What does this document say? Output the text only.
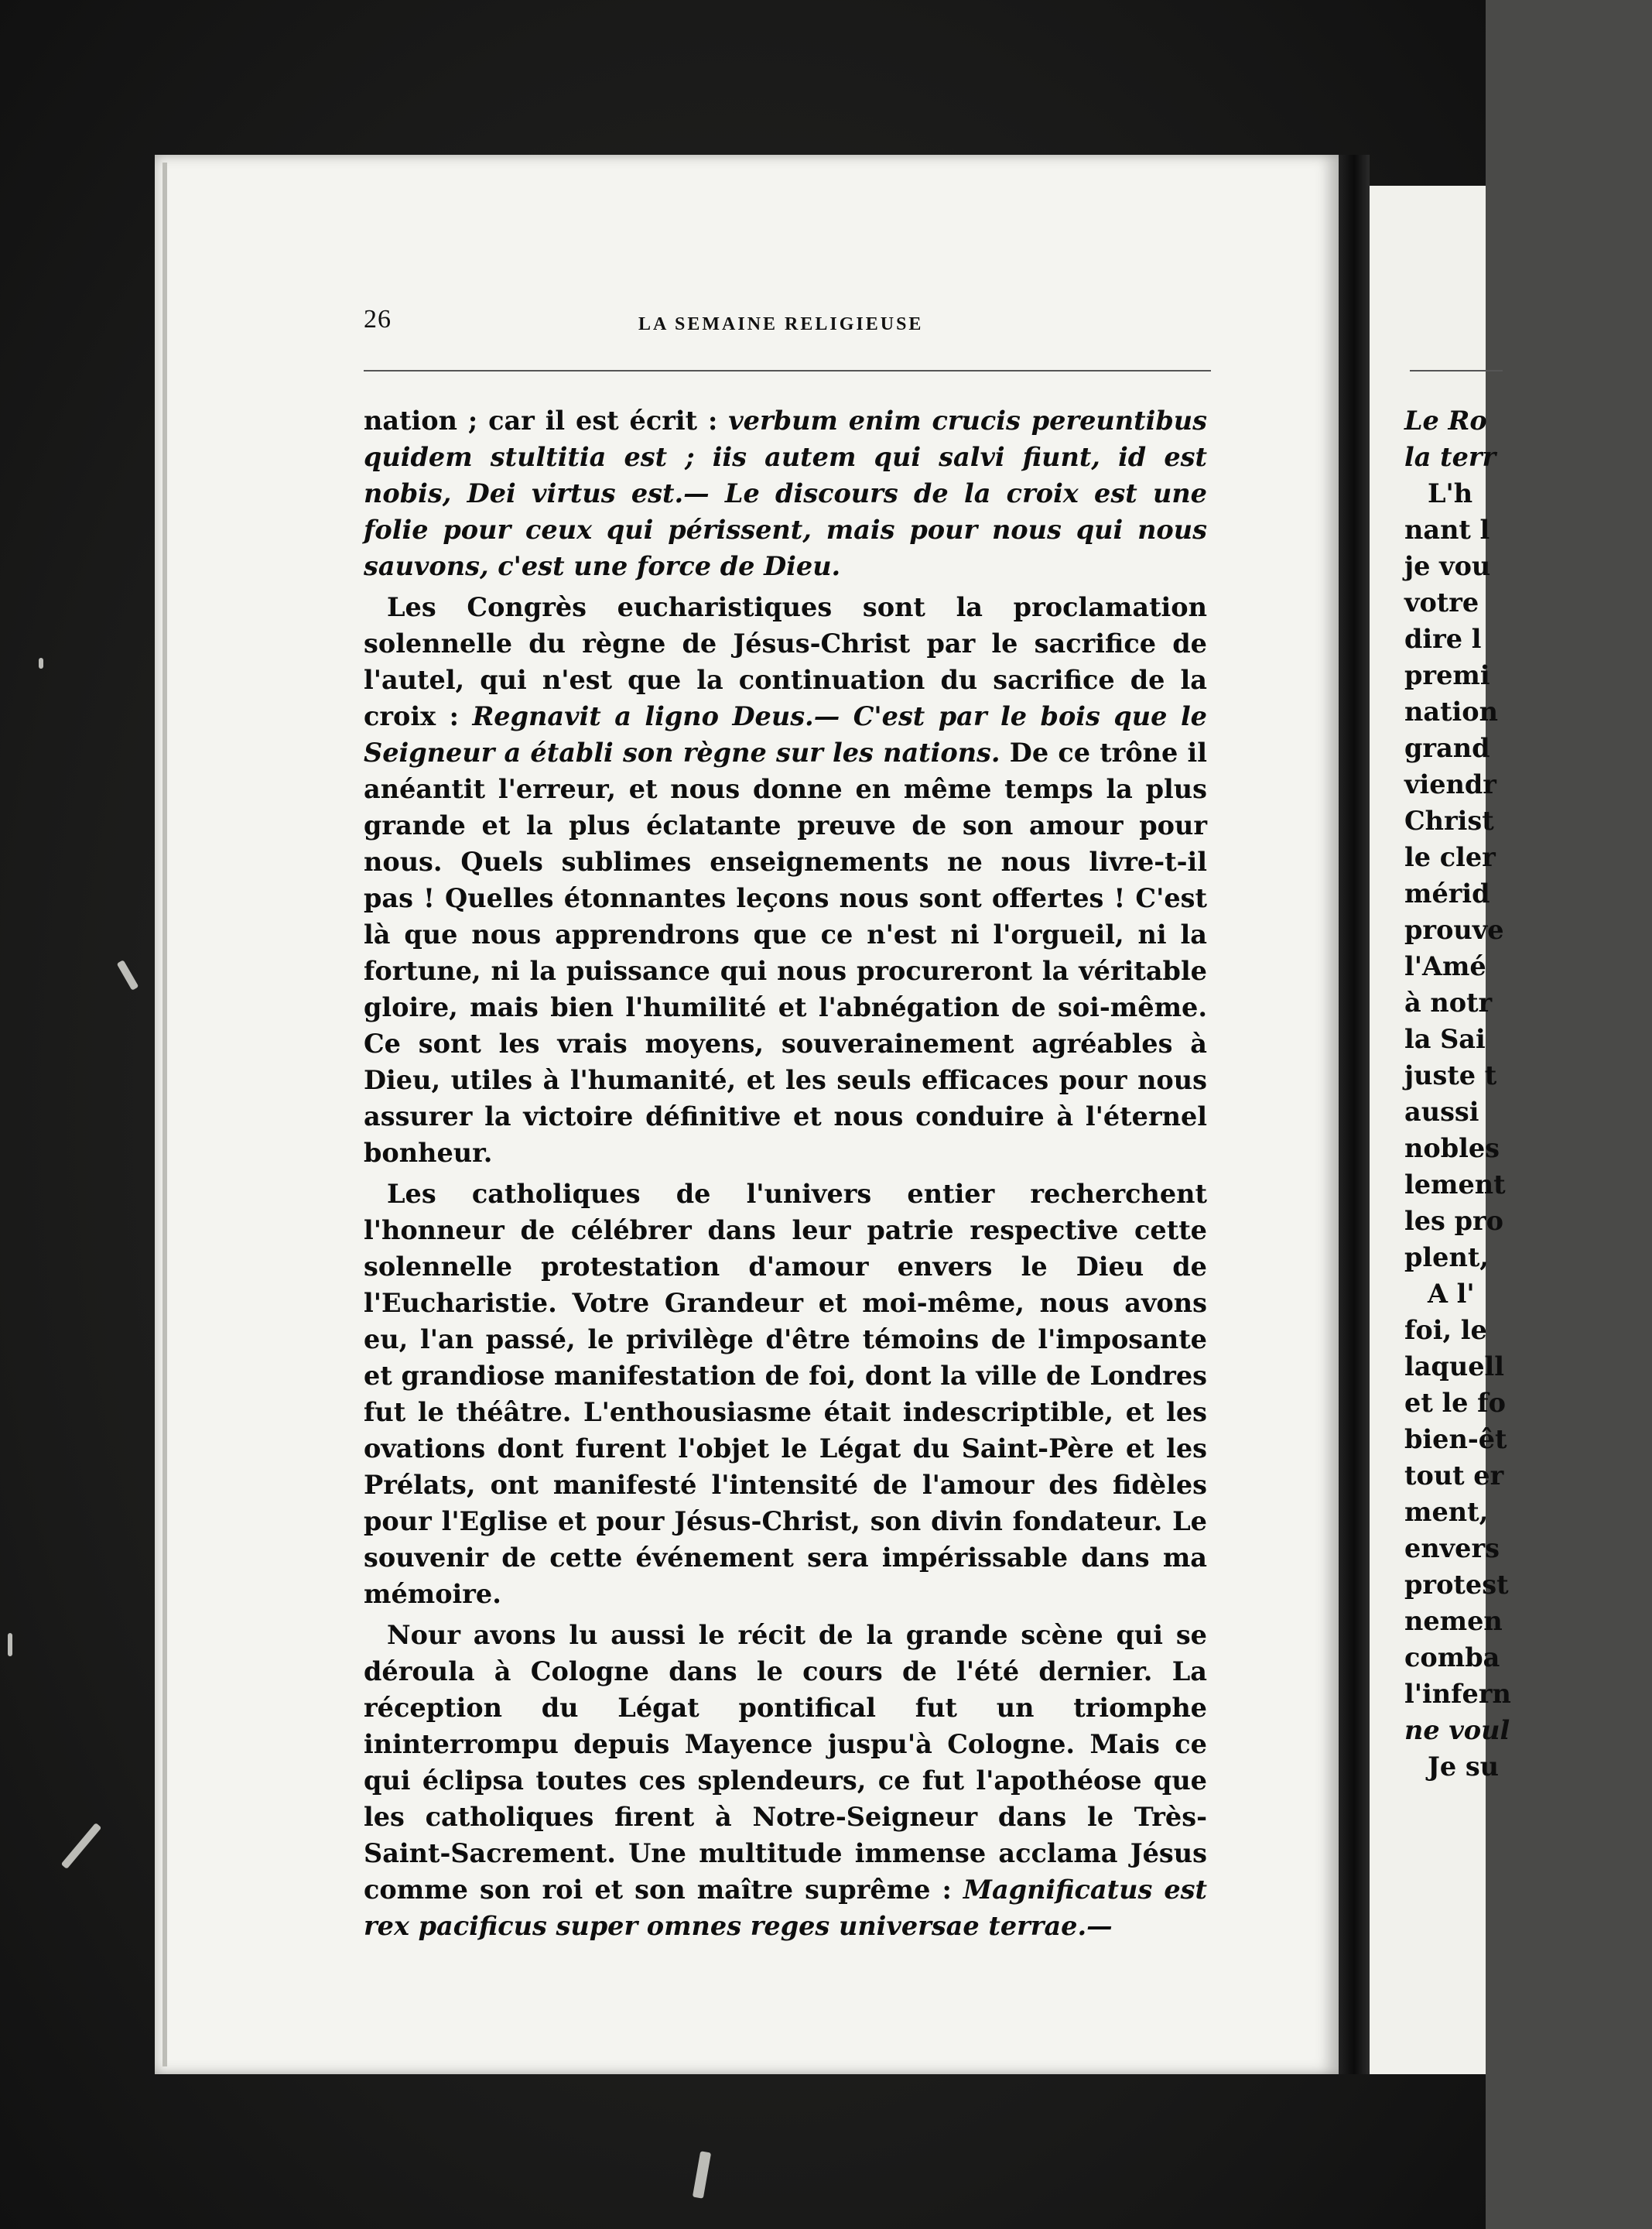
26	LA SEMAINE RELIGIEUSE

nation ; car il est écrit : verbum enim crucis pereuntibus quidem stultitia est ; iis autem qui salvi fiunt, id est nobis, Dei virtus est.— Le discours de la croix est une folie pour ceux qui périssent, mais pour nous qui nous sauvons, c'est une force de Dieu.

Les Congrès eucharistiques sont la proclamation solennelle du règne de Jésus-Christ par le sacrifice de l'autel, qui n'est que la continuation du sacrifice de la croix : Regnavit a ligno Deus.— C'est par le bois que le Seigneur a établi son règne sur les nations. De ce trône il anéantit l'erreur, et nous donne en même temps la plus grande et la plus éclatante preuve de son amour pour nous. Quels sublimes enseignements ne nous livre-t-il pas ! Quelles étonnantes leçons nous sont offertes ! C'est là que nous apprendrons que ce n'est ni l'orgueil, ni la fortune, ni la puissance qui nous procureront la véritable gloire, mais bien l'humilité et l'abnégation de soi-même. Ce sont les vrais moyens, souverainement agréables à Dieu, utiles à l'humanité, et les seuls efficaces pour nous assurer la victoire définitive et nous conduire à l'éternel bonheur.

Les catholiques de l'univers entier recherchent l'honneur de célébrer dans leur patrie respective cette solennelle protestation d'amour envers le Dieu de l'Eucharistie. Votre Grandeur et moi-même, nous avons eu, l'an passé, le privilège d'être témoins de l'imposante et grandiose manifestation de foi, dont la ville de Londres fut le théâtre. L'enthousiasme était indescriptible, et les ovations dont furent l'objet le Légat du Saint-Père et les Prélats, ont manifesté l'intensité de l'amour des fidèles pour l'Eglise et pour Jésus-Christ, son divin fondateur. Le souvenir de cette événement sera impérissable dans ma mémoire.

Nour avons lu aussi le récit de la grande scène qui se déroula à Cologne dans le cours de l'été dernier. La réception du Légat pontifical fut un triomphe ininterrompu depuis Mayence juspu'à Cologne. Mais ce qui éclipsa toutes ces splendeurs, ce fut l'apothéose que les catholiques firent à Notre-Seigneur dans le Très-Saint-Sacrement. Une multitude immense acclama Jésus comme son roi et son maître suprême : Magnificatus est rex pacificus super omnes reges universae terrae.—

Le Ro
la terr
L'h
nant l
je vou
votre
dire l
premi
nation
grand
viendr
Christ
le cler
mérid
prouve
l'Amé
à notr
la Sai
juste t
aussi
nobles
lement
les pro
plent,
A l'
foi, le
laquell
et le fo
bien-êt
tout er
ment,
envers
protest
nemen
comba
l'infern
ne voul
Je su
